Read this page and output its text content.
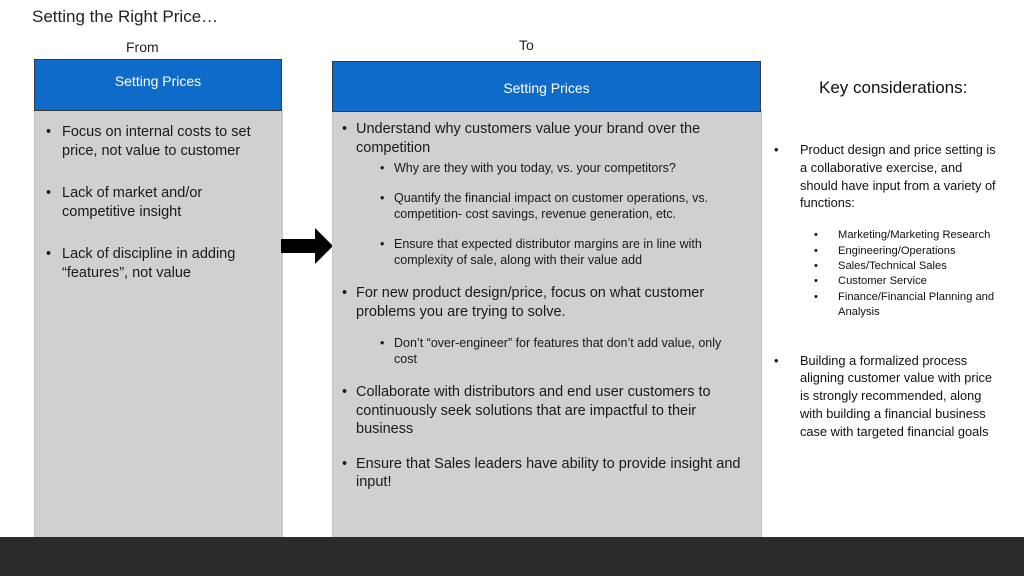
Setting the Right Price…
From	To
Setting Prices
• Focus on internal costs to set price, not value to customer
• Lack of market and/or competitive insight
• Lack of discipline in adding “features”, not value
Setting Prices
• Understand why customers value your brand over the competition
• Why are they with you today, vs. your competitors?
• Quantify the financial impact on customer operations, vs. competition- cost savings, revenue generation, etc.
• Ensure that expected distributor margins are in line with complexity of sale, along with their value add
• For new product design/price, focus on what customer problems you are trying to solve.
• Don’t “over-engineer” for features that don’t add value, only cost
• Collaborate with distributors and end user customers to continuously seek solutions that are impactful to their business
• Ensure that Sales leaders have ability to provide insight and input!
Key considerations:
• Product design and price setting is a collaborative exercise, and should have input from a variety of functions:
• Marketing/Marketing Research
• Engineering/Operations
• Sales/Technical Sales
• Customer Service
• Finance/Financial Planning and Analysis
• Building a formalized process aligning customer value with price is strongly recommended, along with building a financial business case with targeted financial goals
